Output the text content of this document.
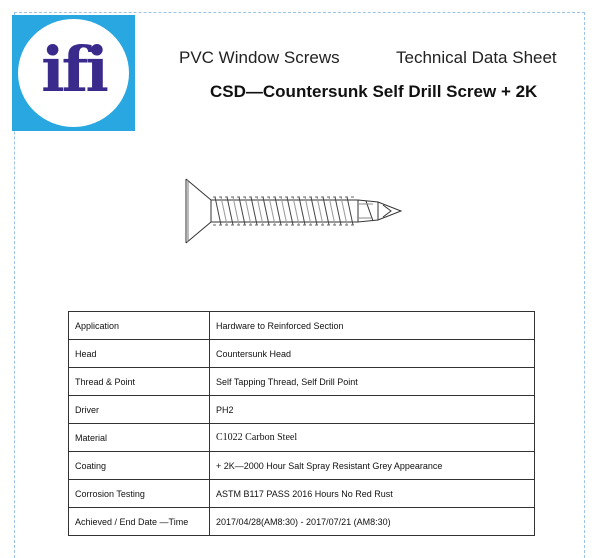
ifi	PVC Window Screws	Technical Data Sheet
CSD—Countersunk Self Drill Screw + 2K
Application	Hardware to Reinforced Section
Head	Countersunk Head
Thread & Point	Self Tapping Thread, Self Drill Point
Driver	PH2
Material	C1022 Carbon Steel
Coating	+ 2K—2000 Hour Salt Spray Resistant Grey Appearance
Corrosion Testing	ASTM B117 PASS 2016 Hours No Red Rust
Achieved / End Date —Time	2017/04/28(AM8:30) - 2017/07/21 (AM8:30)
